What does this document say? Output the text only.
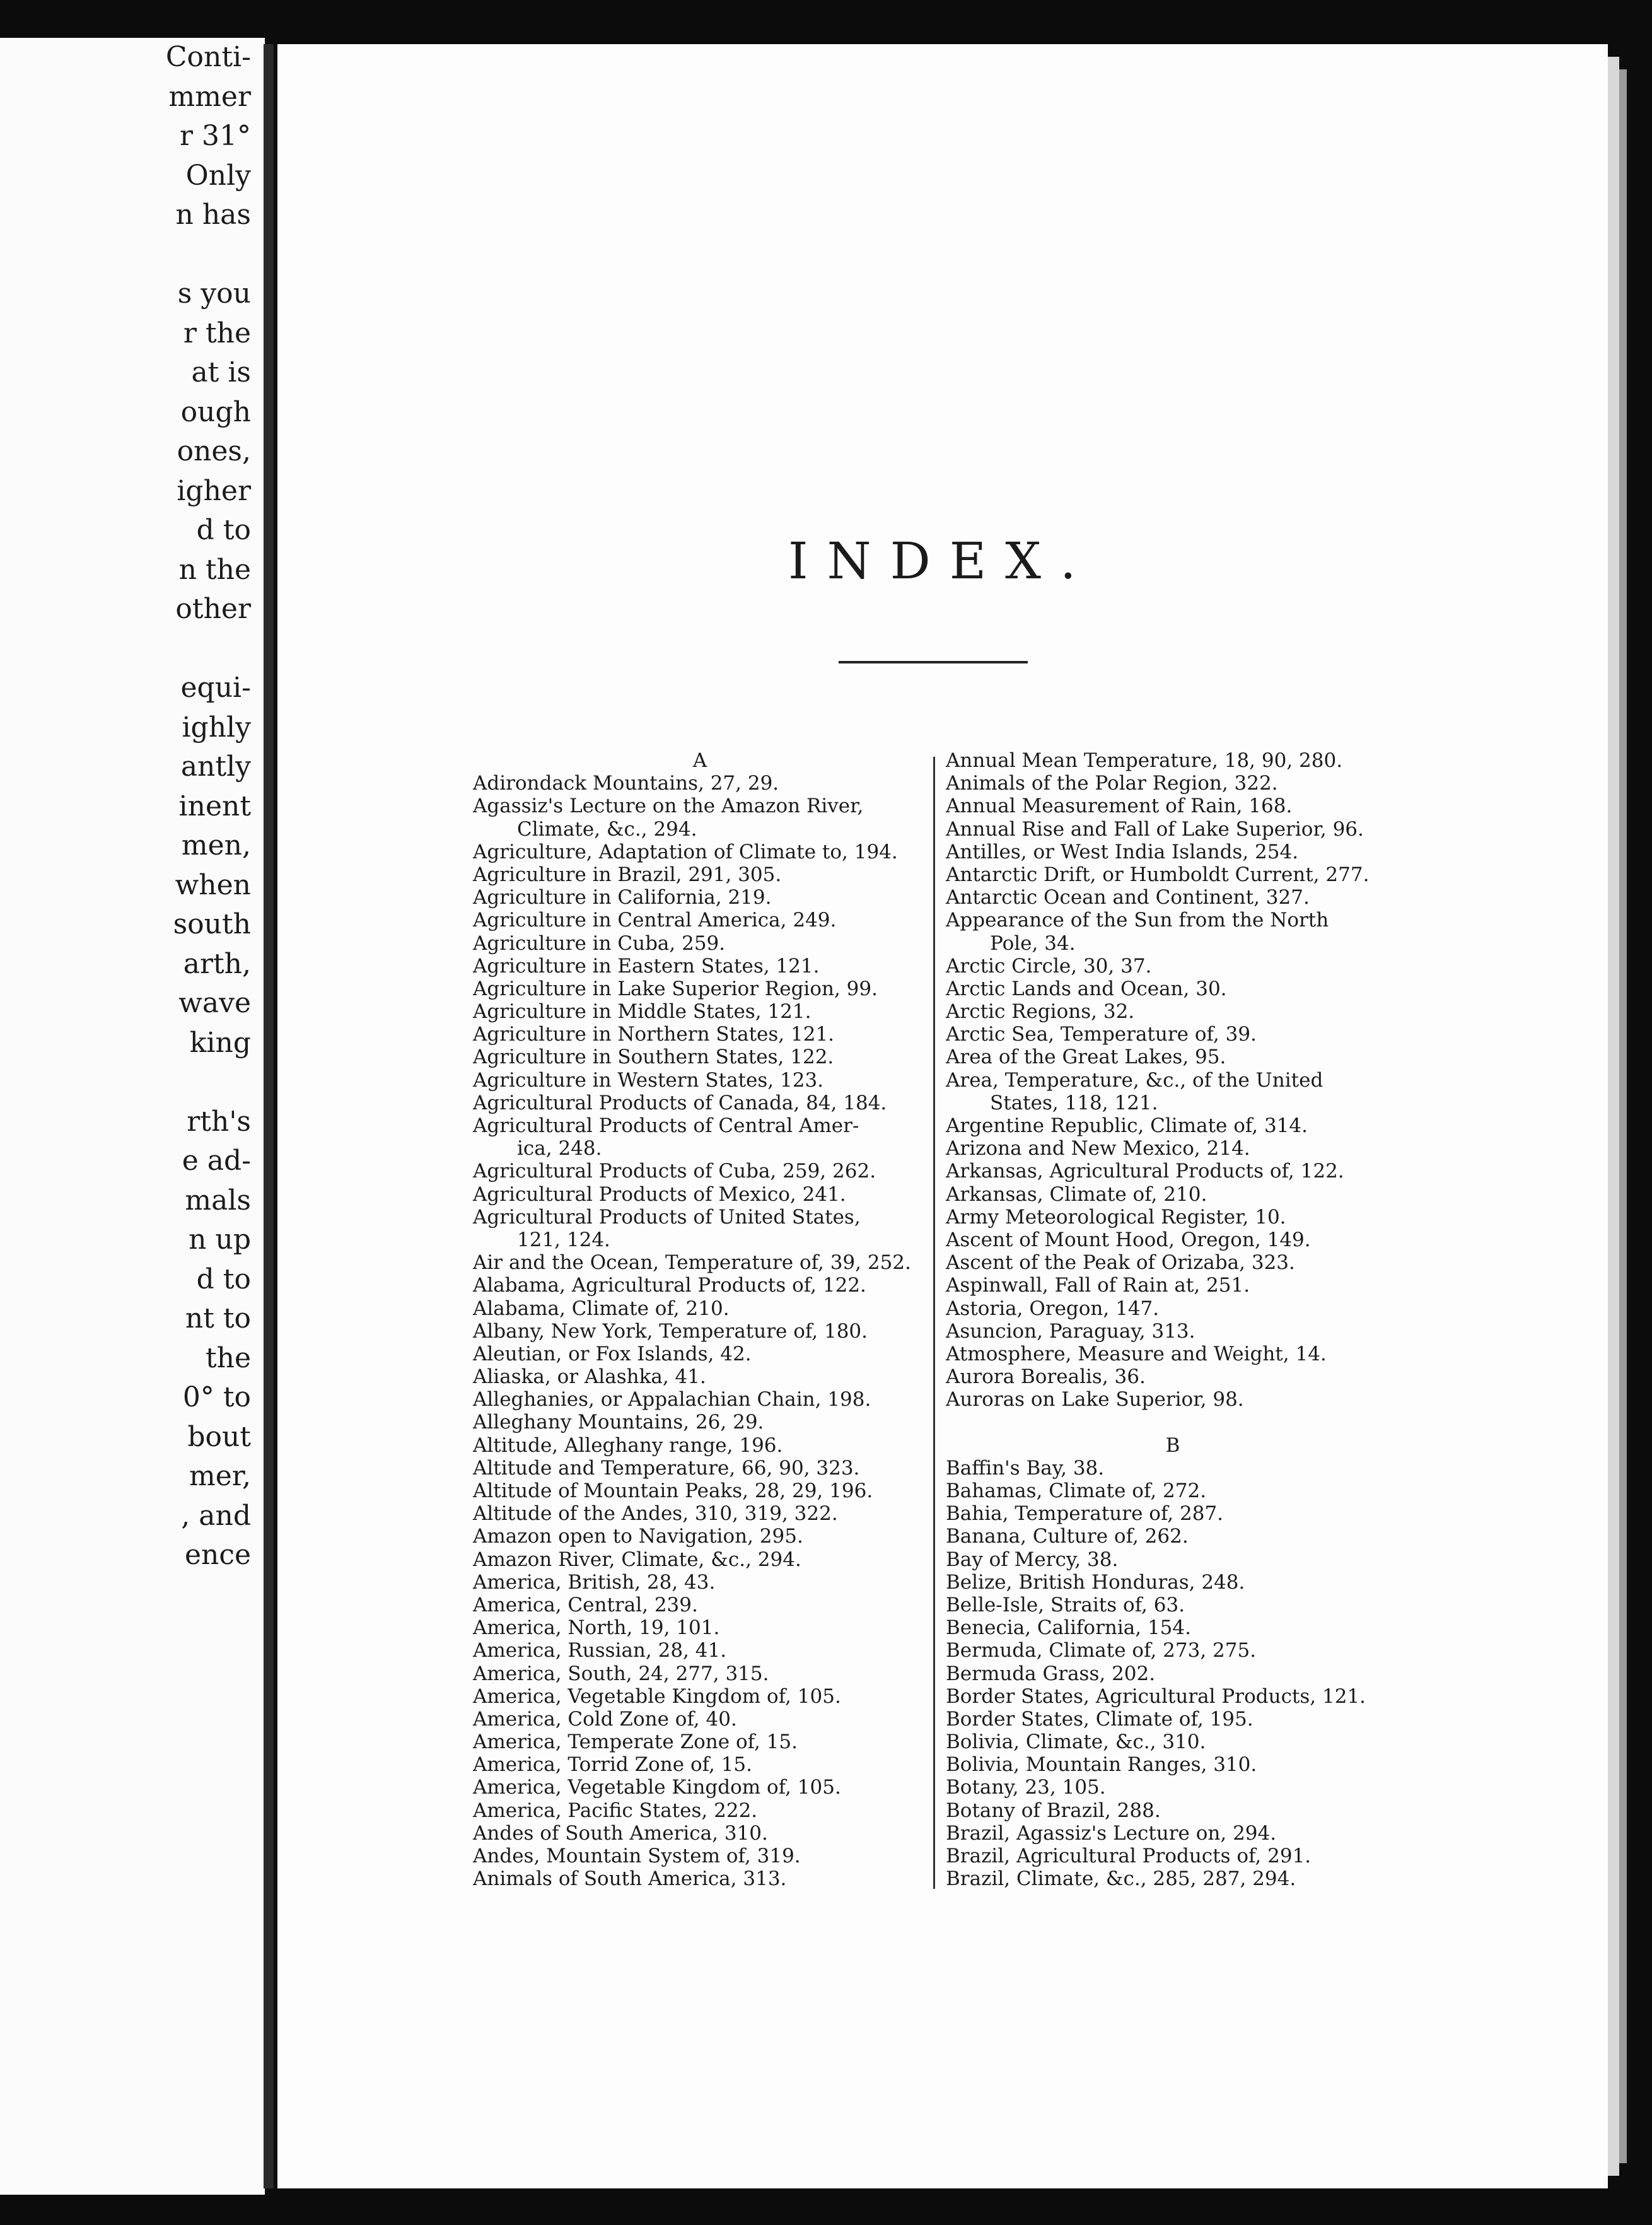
Conti-
mmer
r 31°
Only
n has
s you
r the
at is
ough
ones,
igher
d to
n the
other
equi-
ighly
antly
inent
men,
when
south
arth,
wave
king
rth's
e ad-
mals
n up
d to
nt to
the
0° to
bout
mer,
, and
ence
INDEX.
A
Adirondack Mountains, 27, 29.
Agassiz's Lecture on the Amazon River,
Climate, &c., 294.
Agriculture, Adaptation of Climate to, 194.
Agriculture in Brazil, 291, 305.
Agriculture in California, 219.
Agriculture in Central America, 249.
Agriculture in Cuba, 259.
Agriculture in Eastern States, 121.
Agriculture in Lake Superior Region, 99.
Agriculture in Middle States, 121.
Agriculture in Northern States, 121.
Agriculture in Southern States, 122.
Agriculture in Western States, 123.
Agricultural Products of Canada, 84, 184.
Agricultural Products of Central Amer-
ica, 248.
Agricultural Products of Cuba, 259, 262.
Agricultural Products of Mexico, 241.
Agricultural Products of United States,
121, 124.
Air and the Ocean, Temperature of, 39, 252.
Alabama, Agricultural Products of, 122.
Alabama, Climate of, 210.
Albany, New York, Temperature of, 180.
Aleutian, or Fox Islands, 42.
Aliaska, or Alashka, 41.
Alleghanies, or Appalachian Chain, 198.
Alleghany Mountains, 26, 29.
Altitude, Alleghany range, 196.
Altitude and Temperature, 66, 90, 323.
Altitude of Mountain Peaks, 28, 29, 196.
Altitude of the Andes, 310, 319, 322.
Amazon open to Navigation, 295.
Amazon River, Climate, &c., 294.
America, British, 28, 43.
America, Central, 239.
America, North, 19, 101.
America, Russian, 28, 41.
America, South, 24, 277, 315.
America, Vegetable Kingdom of, 105.
America, Cold Zone of, 40.
America, Temperate Zone of, 15.
America, Torrid Zone of, 15.
America, Vegetable Kingdom of, 105.
America, Pacific States, 222.
Andes of South America, 310.
Andes, Mountain System of, 319.
Animals of South America, 313.
Annual Mean Temperature, 18, 90, 280.
Animals of the Polar Region, 322.
Annual Measurement of Rain, 168.
Annual Rise and Fall of Lake Superior, 96.
Antilles, or West India Islands, 254.
Antarctic Drift, or Humboldt Current, 277.
Antarctic Ocean and Continent, 327.
Appearance of the Sun from the North
Pole, 34.
Arctic Circle, 30, 37.
Arctic Lands and Ocean, 30.
Arctic Regions, 32.
Arctic Sea, Temperature of, 39.
Area of the Great Lakes, 95.
Area, Temperature, &c., of the United
States, 118, 121.
Argentine Republic, Climate of, 314.
Arizona and New Mexico, 214.
Arkansas, Agricultural Products of, 122.
Arkansas, Climate of, 210.
Army Meteorological Register, 10.
Ascent of Mount Hood, Oregon, 149.
Ascent of the Peak of Orizaba, 323.
Aspinwall, Fall of Rain at, 251.
Astoria, Oregon, 147.
Asuncion, Paraguay, 313.
Atmosphere, Measure and Weight, 14.
Aurora Borealis, 36.
Auroras on Lake Superior, 98.
B
Baffin's Bay, 38.
Bahamas, Climate of, 272.
Bahia, Temperature of, 287.
Banana, Culture of, 262.
Bay of Mercy, 38.
Belize, British Honduras, 248.
Belle-Isle, Straits of, 63.
Benecia, California, 154.
Bermuda, Climate of, 273, 275.
Bermuda Grass, 202.
Border States, Agricultural Products, 121.
Border States, Climate of, 195.
Bolivia, Climate, &c., 310.
Bolivia, Mountain Ranges, 310.
Botany, 23, 105.
Botany of Brazil, 288.
Brazil, Agassiz's Lecture on, 294.
Brazil, Agricultural Products of, 291.
Brazil, Climate, &c., 285, 287, 294.
